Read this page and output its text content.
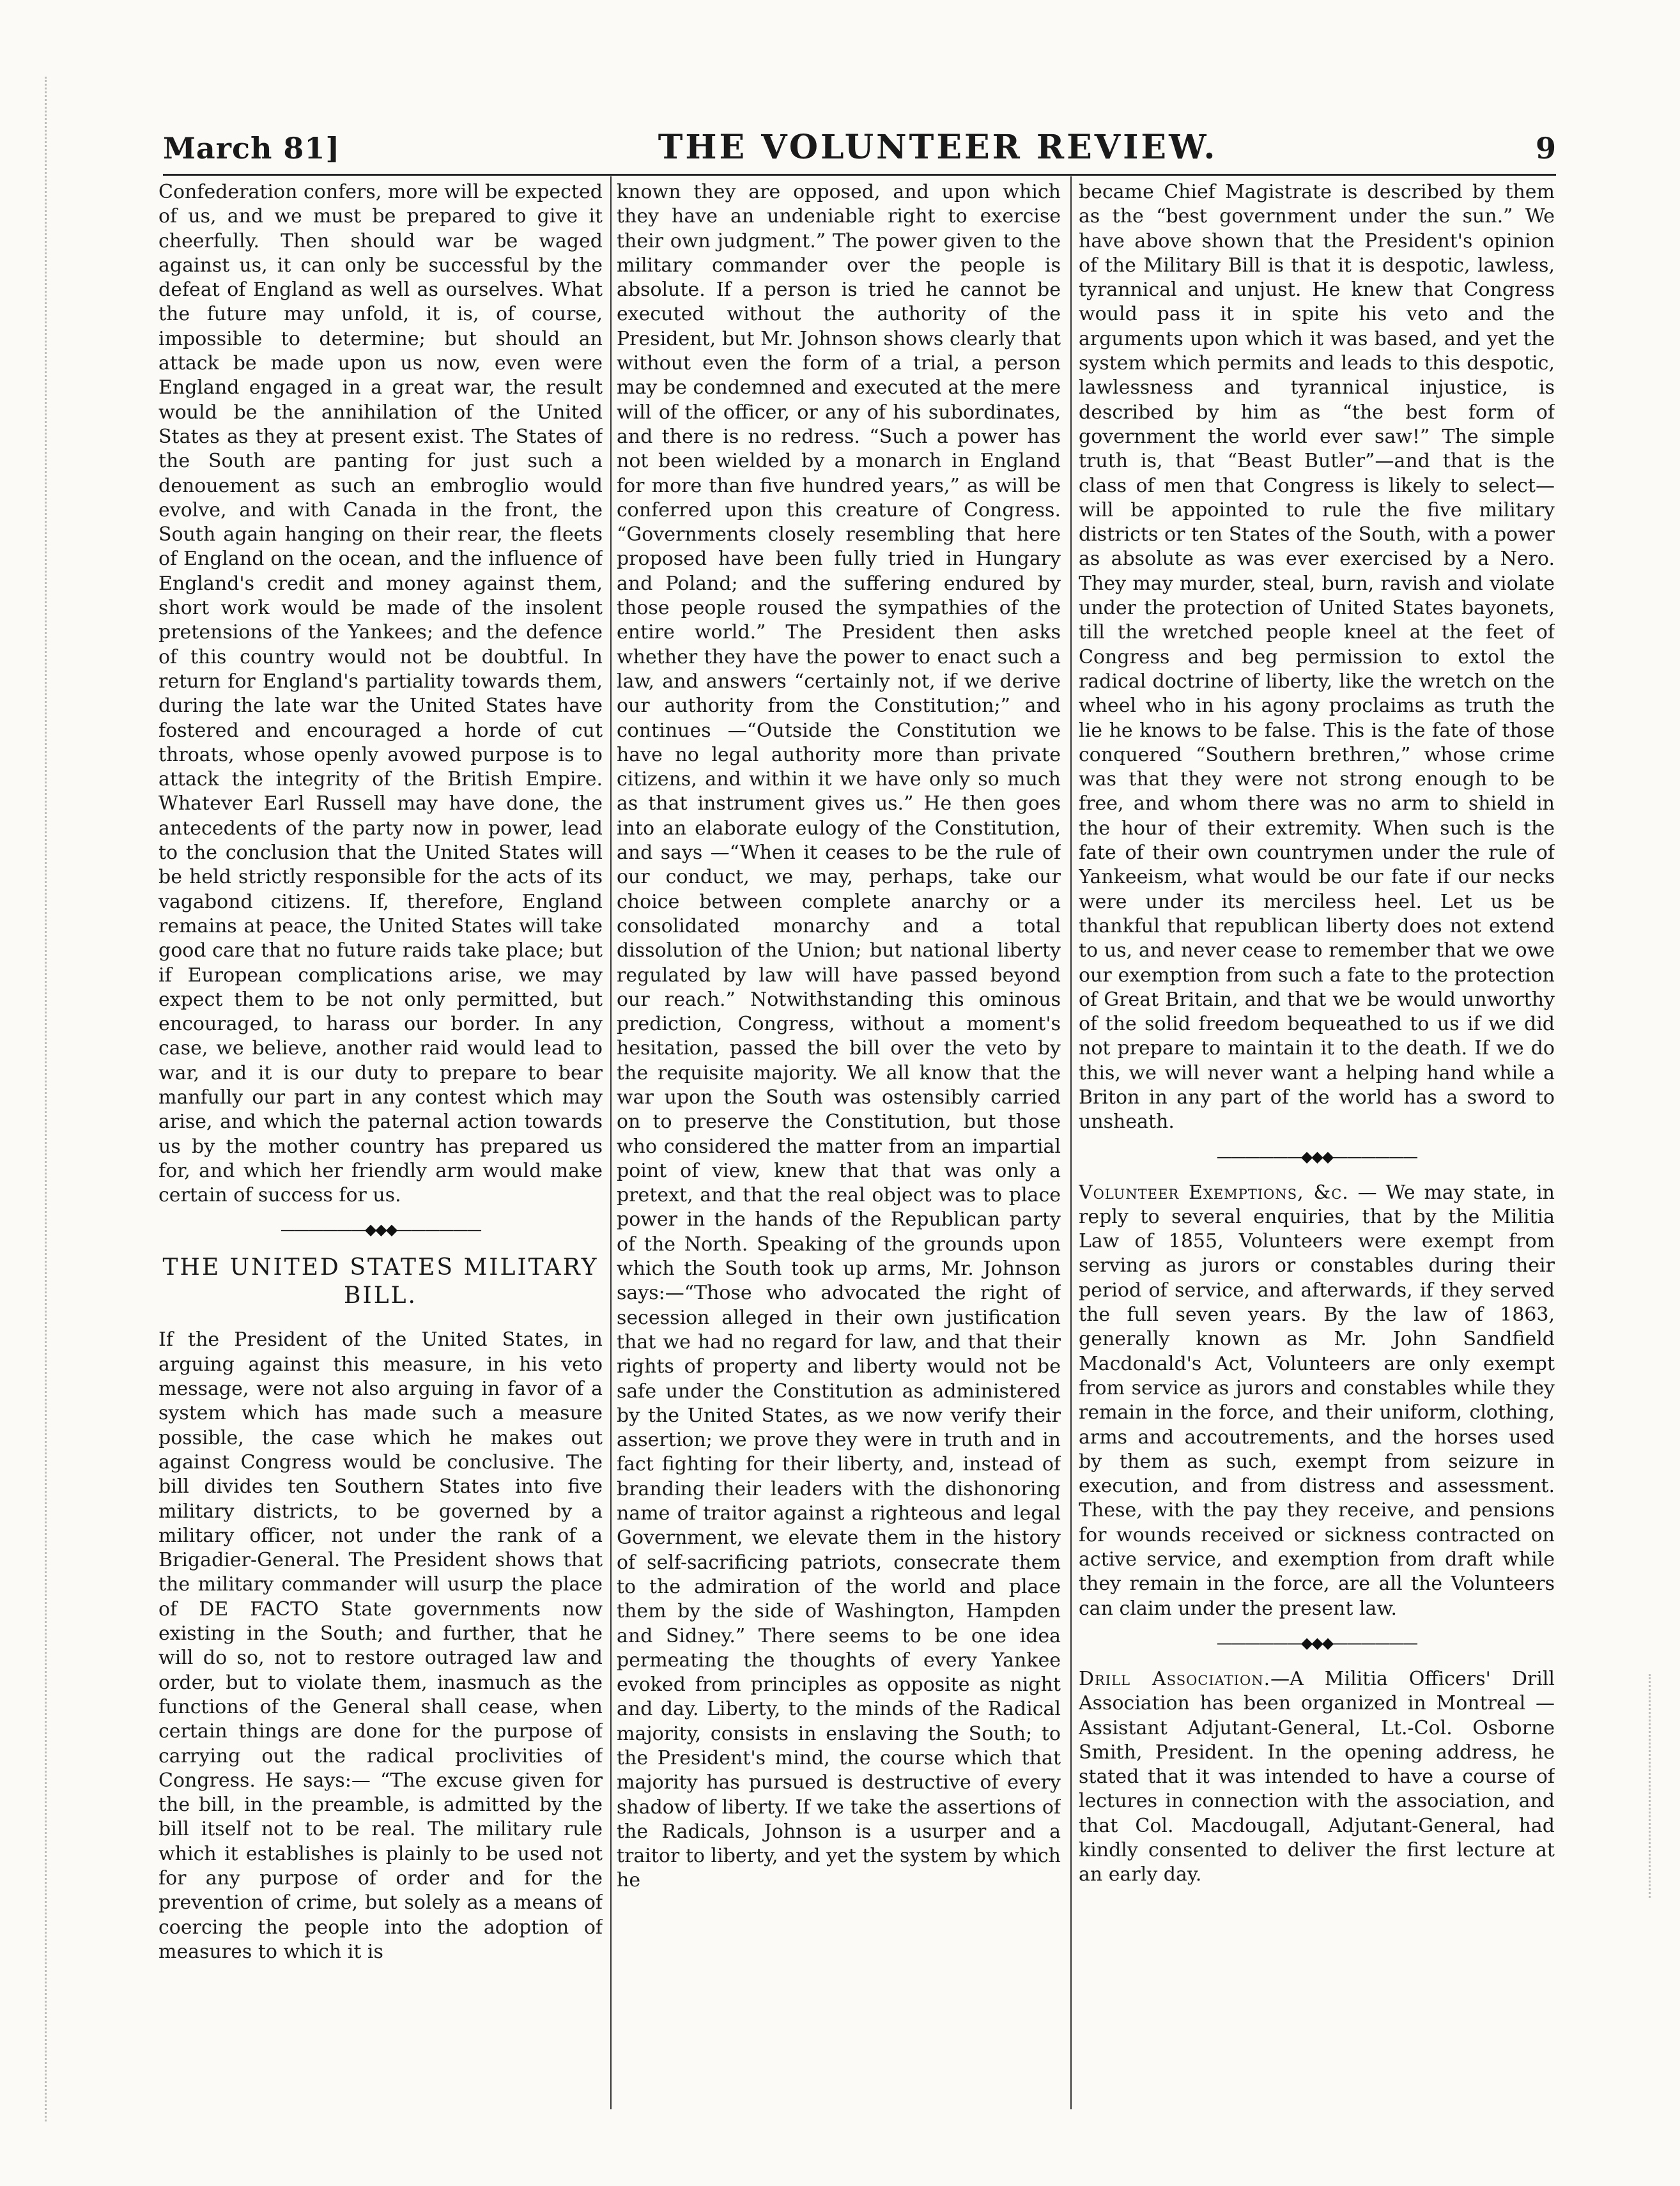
March 81]	THE VOLUNTEER REVIEW.	9

Confederation confers, more will be expected of us, and we must be prepared to give it cheerfully. Then should war be waged against us, it can only be successful by the defeat of England as well as ourselves. What the future may unfold, it is, of course, impossible to determine; but should an attack be made upon us now, even were England engaged in a great war, the result would be the annihilation of the United States as they at present exist. The States of the South are panting for just such a denouement as such an embroglio would evolve, and with Canada in the front, the South again hanging on their rear, the fleets of England on the ocean, and the influence of England's credit and money against them, short work would be made of the insolent pretensions of the Yankees; and the defence of this country would not be doubtful. In return for England's partiality towards them, during the late war the United States have fostered and encouraged a horde of cut throats, whose openly avowed purpose is to attack the integrity of the British Empire. Whatever Earl Russell may have done, the antecedents of the party now in power, lead to the conclusion that the United States will be held strictly responsible for the acts of its vagabond citizens. If, therefore, England remains at peace, the United States will take good care that no future raids take place; but if European complications arise, we may expect them to be not only permitted, but encouraged, to harass our border. In any case, we believe, another raid would lead to war, and it is our duty to prepare to bear manfully our part in any contest which may arise, and which the paternal action towards us by the mother country has prepared us for, and which her friendly arm would make certain of success for us.

——————◆◆◆——————
THE UNITED STATES MILITARY BILL.

If the President of the United States, in arguing against this measure, in his veto message, were not also arguing in favor of a system which has made such a measure possible, the case which he makes out against Congress would be conclusive. The bill divides ten Southern States into five military districts, to be governed by a military officer, not under the rank of a Brigadier-General. The President shows that the military commander will usurp the place of DE FACTO State governments now existing in the South; and further, that he will do so, not to restore outraged law and order, but to violate them, inasmuch as the functions of the General shall cease, when certain things are done for the purpose of carrying out the radical proclivities of Congress. He says:— “The excuse given for the bill, in the preamble, is admitted by the bill itself not to be real. The military rule which it establishes is plainly to be used not for any purpose of order and for the prevention of crime, but solely as a means of coercing the people into the adoption of measures to which it is

known they are opposed, and upon which they have an undeniable right to exercise their own judgment.” The power given to the military commander over the people is absolute. If a person is tried he cannot be executed without the authority of the President, but Mr. Johnson shows clearly that without even the form of a trial, a person may be condemned and executed at the mere will of the officer, or any of his subordinates, and there is no redress. “Such a power has not been wielded by a monarch in England for more than five hundred years,” as will be conferred upon this creature of Congress. “Governments closely resembling that here proposed have been fully tried in Hungary and Poland; and the suffering endured by those people roused the sympathies of the entire world.” The President then asks whether they have the power to enact such a law, and answers “certainly not, if we derive our authority from the Constitution;” and continues —“Outside the Constitution we have no legal authority more than private citizens, and within it we have only so much as that instrument gives us.” He then goes into an elaborate eulogy of the Constitution, and says —“When it ceases to be the rule of our conduct, we may, perhaps, take our choice between complete anarchy or a consolidated monarchy and a total dissolution of the Union; but national liberty regulated by law will have passed beyond our reach.” Notwithstanding this ominous prediction, Congress, without a moment's hesitation, passed the bill over the veto by the requisite majority. We all know that the war upon the South was ostensibly carried on to preserve the Constitution, but those who considered the matter from an impartial point of view, knew that that was only a pretext, and that the real object was to place power in the hands of the Republican party of the North. Speaking of the grounds upon which the South took up arms, Mr. Johnson says:—“Those who advocated the right of secession alleged in their own justification that we had no regard for law, and that their rights of property and liberty would not be safe under the Constitution as administered by the United States, as we now verify their assertion; we prove they were in truth and in fact fighting for their liberty, and, instead of branding their leaders with the dishonoring name of traitor against a righteous and legal Government, we elevate them in the history of self-sacrificing patriots, consecrate them to the admiration of the world and place them by the side of Washington, Hampden and Sidney.” There seems to be one idea permeating the thoughts of every Yankee evoked from principles as opposite as night and day. Liberty, to the minds of the Radical majority, consists in enslaving the South; to the President's mind, the course which that majority has pursued is destructive of every shadow of liberty. If we take the assertions of the Radicals, Johnson is a usurper and a traitor to liberty, and yet the system by which he

became Chief Magistrate is described by them as the “best government under the sun.” We have above shown that the President's opinion of the Military Bill is that it is despotic, lawless, tyrannical and unjust. He knew that Congress would pass it in spite his veto and the arguments upon which it was based, and yet the system which permits and leads to this despotic, lawlessness and tyrannical injustice, is described by him as “the best form of government the world ever saw!” The simple truth is, that “Beast Butler”—and that is the class of men that Congress is likely to select—will be appointed to rule the five military districts or ten States of the South, with a power as absolute as was ever exercised by a Nero. They may murder, steal, burn, ravish and violate under the protection of United States bayonets, till the wretched people kneel at the feet of Congress and beg permission to extol the radical doctrine of liberty, like the wretch on the wheel who in his agony proclaims as truth the lie he knows to be false. This is the fate of those conquered “Southern brethren,” whose crime was that they were not strong enough to be free, and whom there was no arm to shield in the hour of their extremity. When such is the fate of their own countrymen under the rule of Yankeeism, what would be our fate if our necks were under its merciless heel. Let us be thankful that republican liberty does not extend to us, and never cease to remember that we owe our exemption from such a fate to the protection of Great Britain, and that we be would unworthy of the solid freedom bequeathed to us if we did not prepare to maintain it to the death. If we do this, we will never want a helping hand while a Briton in any part of the world has a sword to unsheath.

——————◆◆◆——————

Volunteer Exemptions, &c. — We may state, in reply to several enquiries, that by the Militia Law of 1855, Volunteers were exempt from serving as jurors or constables during their period of service, and afterwards, if they served the full seven years. By the law of 1863, generally known as Mr. John Sandfield Macdonald's Act, Volunteers are only exempt from service as jurors and constables while they remain in the force, and their uniform, clothing, arms and accoutrements, and the horses used by them as such, exempt from seizure in execution, and from distress and assessment. These, with the pay they receive, and pensions for wounds received or sickness contracted on active service, and exemption from draft while they remain in the force, are all the Volunteers can claim under the present law.

——————◆◆◆——————

Drill Association.—A Militia Officers' Drill Association has been organized in Montreal —Assistant Adjutant-General, Lt.-Col. Osborne Smith, President. In the opening address, he stated that it was intended to have a course of lectures in connection with the association, and that Col. Macdougall, Adjutant-General, had kindly consented to deliver the first lecture at an early day.
